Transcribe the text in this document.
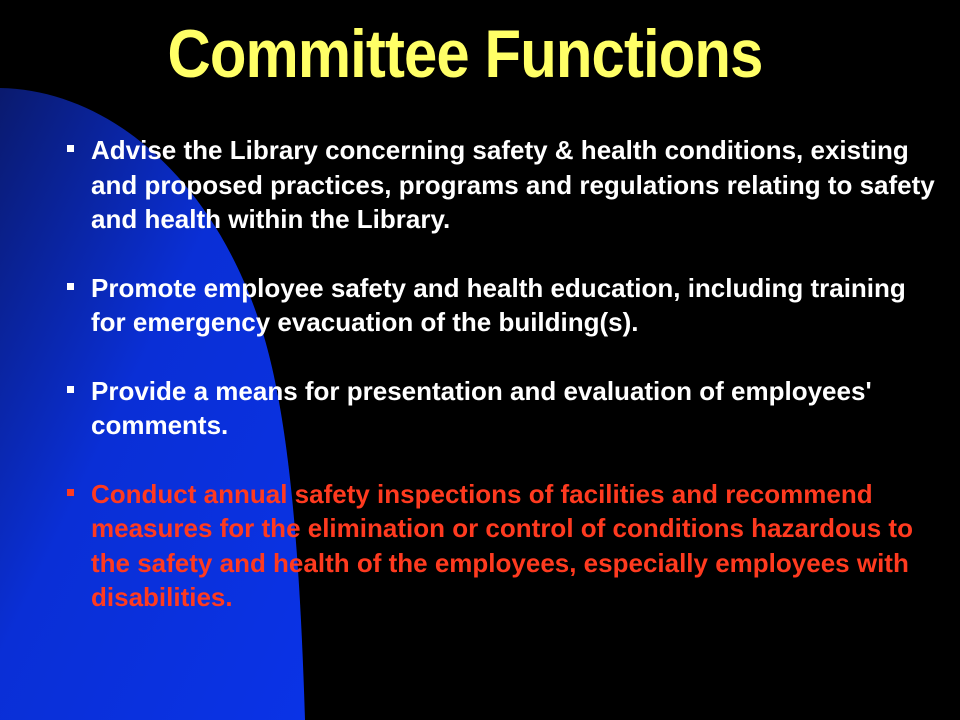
Committee Functions
Advise the Library concerning safety & health conditions, existing and proposed practices, programs and regulations relating to safety and health within the Library.
Promote employee safety and health education, including training for emergency evacuation of the building(s).
Provide a means for presentation and evaluation of employees' comments.
Conduct annual safety inspections of facilities and recommend measures for the elimination or control of conditions hazardous to the safety and health of the employees, especially employees with disabilities.
